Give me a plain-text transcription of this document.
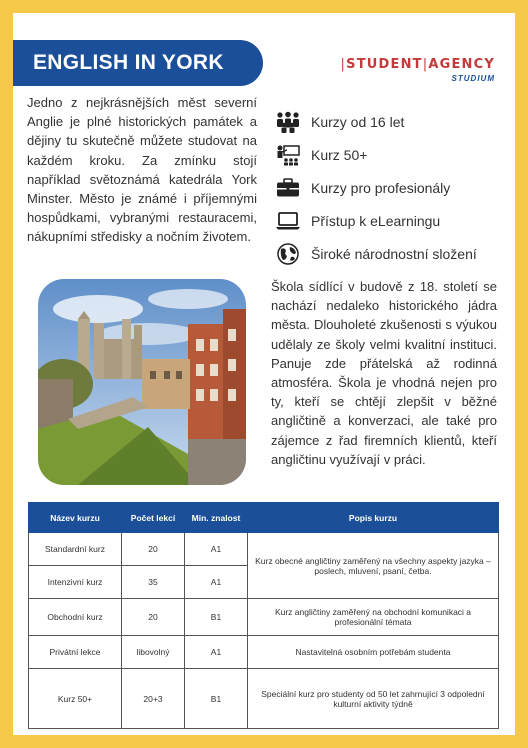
ENGLISH IN YORK	|STUDENT|AGENCY
STUDIUM
Jedno z nejkrásnějších měst severní Anglie je plné historických památek a dějiny tu skutečně můžete studovat na každém kroku. Za zmínku stojí například světoznámá katedrála York Minster. Město je známé i příjemnými hospůdkami, vybranými restauracemi, nákupními středisky a nočním životem.
Kurzy od 16 let
Kurz 50+
Kurzy pro profesionály
Přístup k eLearningu
Široké národnostní složení
Škola sídlící v budově z 18. století se nachází nedaleko historického jádra města. Dlouholeté zkušenosti s výukou udělaly ze školy velmi kvalitní instituci. Panuje zde přátelská až rodinná atmosféra. Škola je vhodná nejen pro ty, kteří se chtějí zlepšit v běžné angličtině a konverzaci, ale také pro zájemce z řad firemních klientů, kteří angličtinu využívají v práci.
Název kurzu	Počet lekcí	Min. znalost	Popis kurzu
Standardní kurz	20	A1	Kurz obecné angličtiny zaměřený na všechny aspekty jazyka – poslech, mluvení, psaní, četba.
Intenzivní kurz	35	A1	
Obchodní kurz	20	B1	Kurz angličtiny zaměřený na obchodní komunikaci a profesionální témata
Privátní lekce	libovolný	A1	Nastavitelná osobním potřebám studenta
Kurz 50+	20+3	B1	Speciální kurz pro studenty od 50 let zahrnující 3 odpolední kulturní aktivity týdně
